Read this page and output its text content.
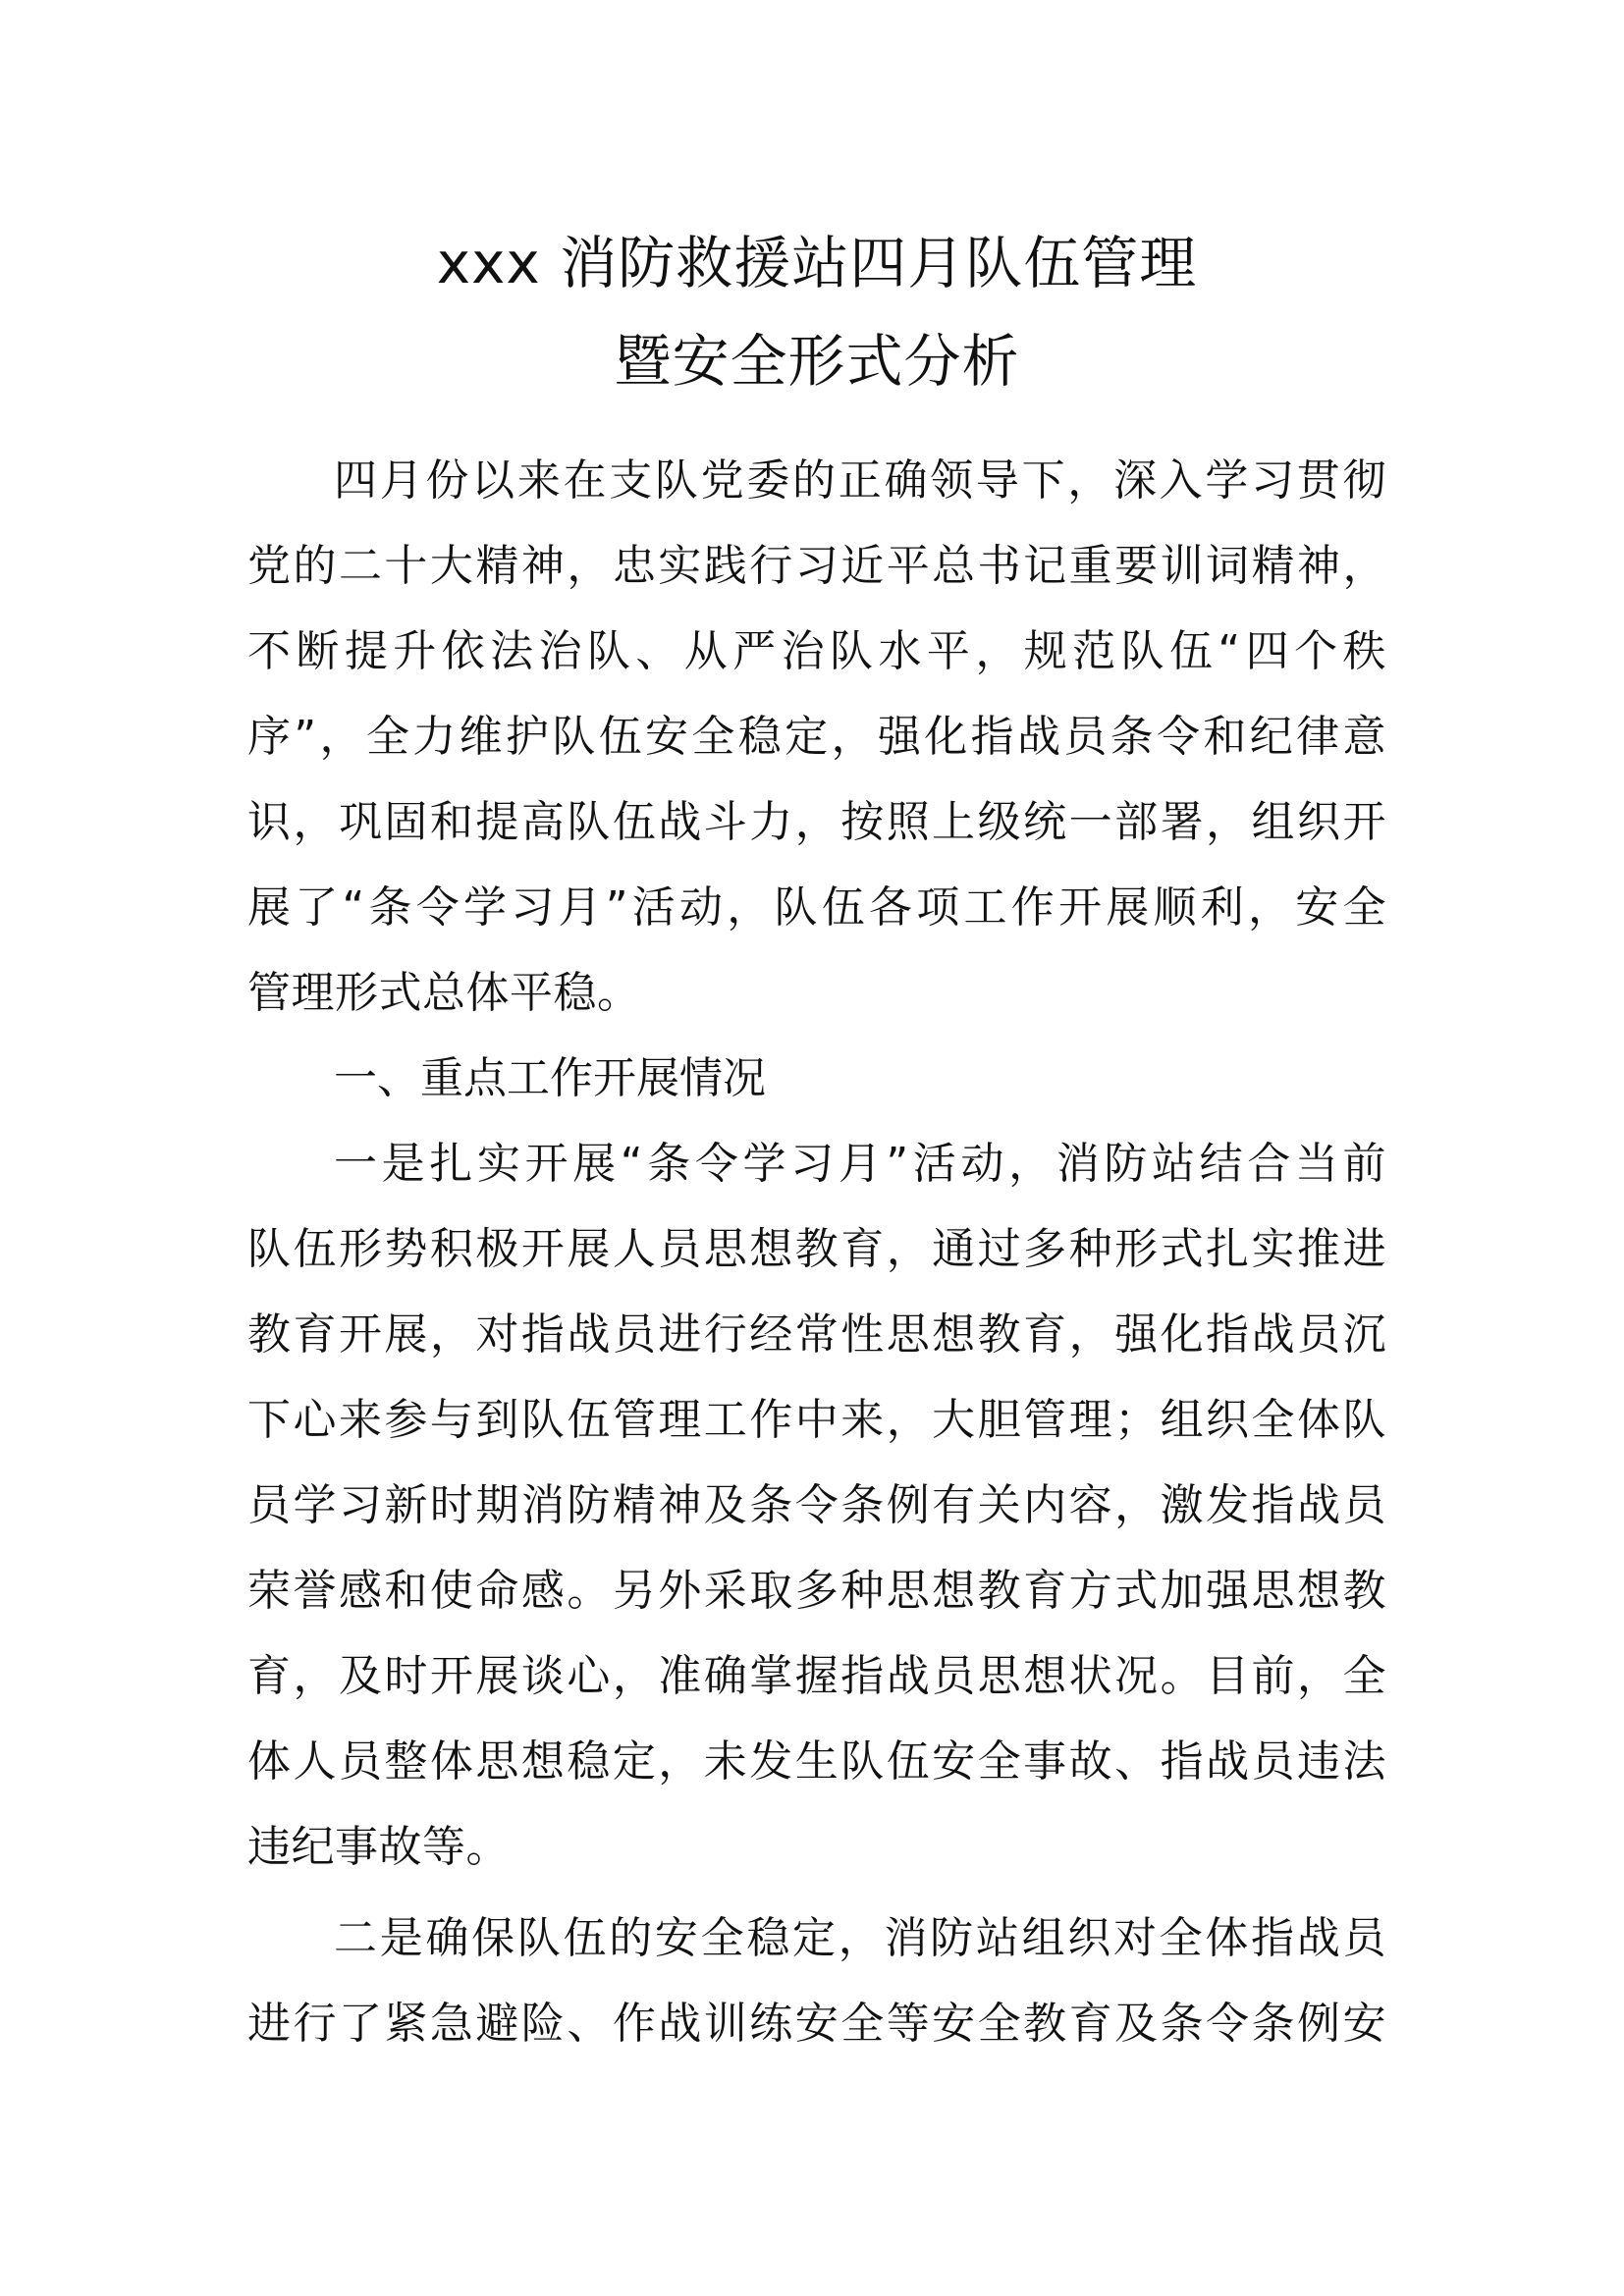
xxx 消防救援站四月队伍管理
暨安全形式分析
四月份以来在支队党委的正确领导下，深入学习贯彻
党的二十大精神，忠实践行习近平总书记重要训词精神，
不断提升依法治队、从严治队水平，规范队伍“四个秩
序”，全力维护队伍安全稳定，强化指战员条令和纪律意
识，巩固和提高队伍战斗力，按照上级统一部署，组织开
展了“条令学习月”活动，队伍各项工作开展顺利，安全
管理形式总体平稳。
一、重点工作开展情况
一是扎实开展“条令学习月”活动，消防站结合当前
队伍形势积极开展人员思想教育，通过多种形式扎实推进
教育开展，对指战员进行经常性思想教育，强化指战员沉
下心来参与到队伍管理工作中来，大胆管理；组织全体队
员学习新时期消防精神及条令条例有关内容，激发指战员
荣誉感和使命感。另外采取多种思想教育方式加强思想教
育，及时开展谈心，准确掌握指战员思想状况。目前，全
体人员整体思想稳定，未发生队伍安全事故、指战员违法
违纪事故等。
二是确保队伍的安全稳定，消防站组织对全体指战员
进行了紧急避险、作战训练安全等安全教育及条令条例安
